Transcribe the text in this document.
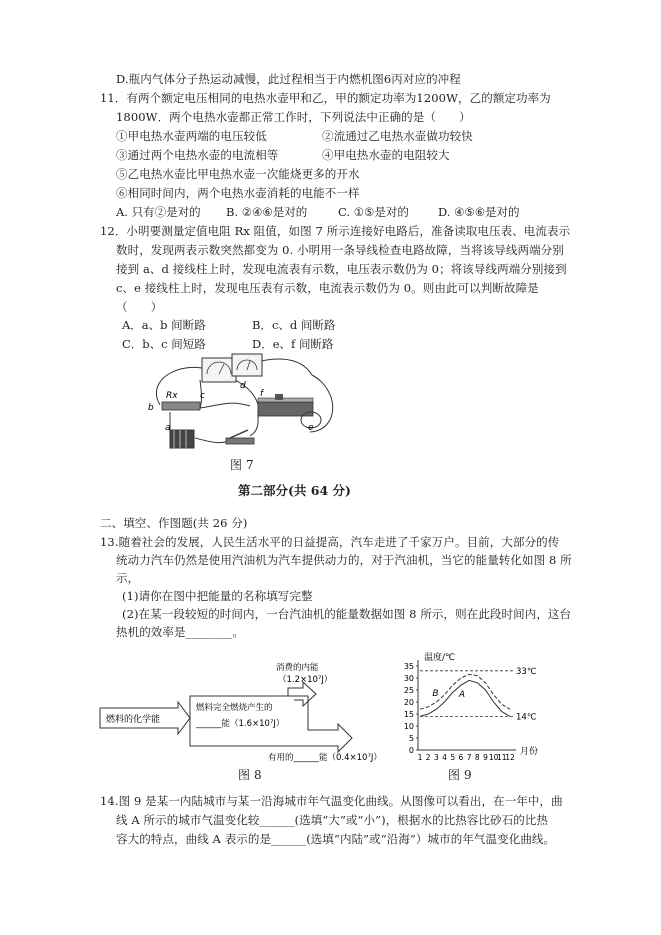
D.瓶内气体分子热运动减慢，此过程相当于内燃机图6丙对应的冲程
11．有两个额定电压相同的电热水壶甲和乙，甲的额定功率为1200W，乙的额定功率为
1800W．两个电热水壶都正常工作时，下列说法中正确的是（　　）
①甲电热水壶两端的电压较低	②流通过乙电热水壶做功较快
③通过两个电热水壶的电流相等	④甲电热水壶的电阻较大
⑤乙电热水壶比甲电热水壶一次能烧更多的开水
⑥相同时间内，两个电热水壶消耗的电能不一样
A. 只有②是对的 B. ②④⑥是对的	C. ①⑤是对的	D. ④⑤⑥是对的
12．小明要测量定值电阻 Rx 阻值，如图 7 所示连接好电路后，准备读取电压表、电流表示
数时，发现两表示数突然都变为 0. 小明用一条导线检查电路故障，当将该导线两端分别
接到 a、d 接线柱上时，发现电流表有示数，电压表示数仍为 0；将该导线两端分别接到
c、e 接线柱上时，发现电压表有示数，电流表示数仍为 0。则由此可以判断故障是
（　　）
A．a、b 间断路	B．c、d 间断路
C．b、c 间短路	D．e、f 间断路
Rx
b
a
c
d
f
e
图 7
第二部分(共 64 分)
二、填空、作图题(共 26 分)
13.随着社会的发展，人民生活水平的日益提高，汽车走进了千家万户。目前，大部分的传
统动力汽车仍然是使用汽油机为汽车提供动力的，对于汽油机，当它的能量转化如图 8 所
示，
(1)请你在图中把能量的名称填写完整
(2)在某一段较短的时间内，一台汽油机的能量数据如图 8 所示，则在此段时间内，这台
热机的效率是________。
燃料的化学能
燃料完全燃烧产生的
______能（1.6×10⁷J）
消费的内能
（1.2×10⁷J）
有用的______能（0.4×10⁷J）
图 8
温度/℃
月份
0
5
10
15
20
25
30
35
1 2 3 4 5 6 7 8 9 10
11
12
33℃
14℃
A
B
图 9
14.图 9 是某一内陆城市与某一沿海城市年气温变化曲线。从图像可以看出，在一年中，曲
线 A 所示的城市气温变化较______(选填“大”或“小”)，根据水的比热容比砂石的比热
容大的特点，曲线 A 表示的是______(选填“内陆”或“沿海”）城市的年气温变化曲线。
